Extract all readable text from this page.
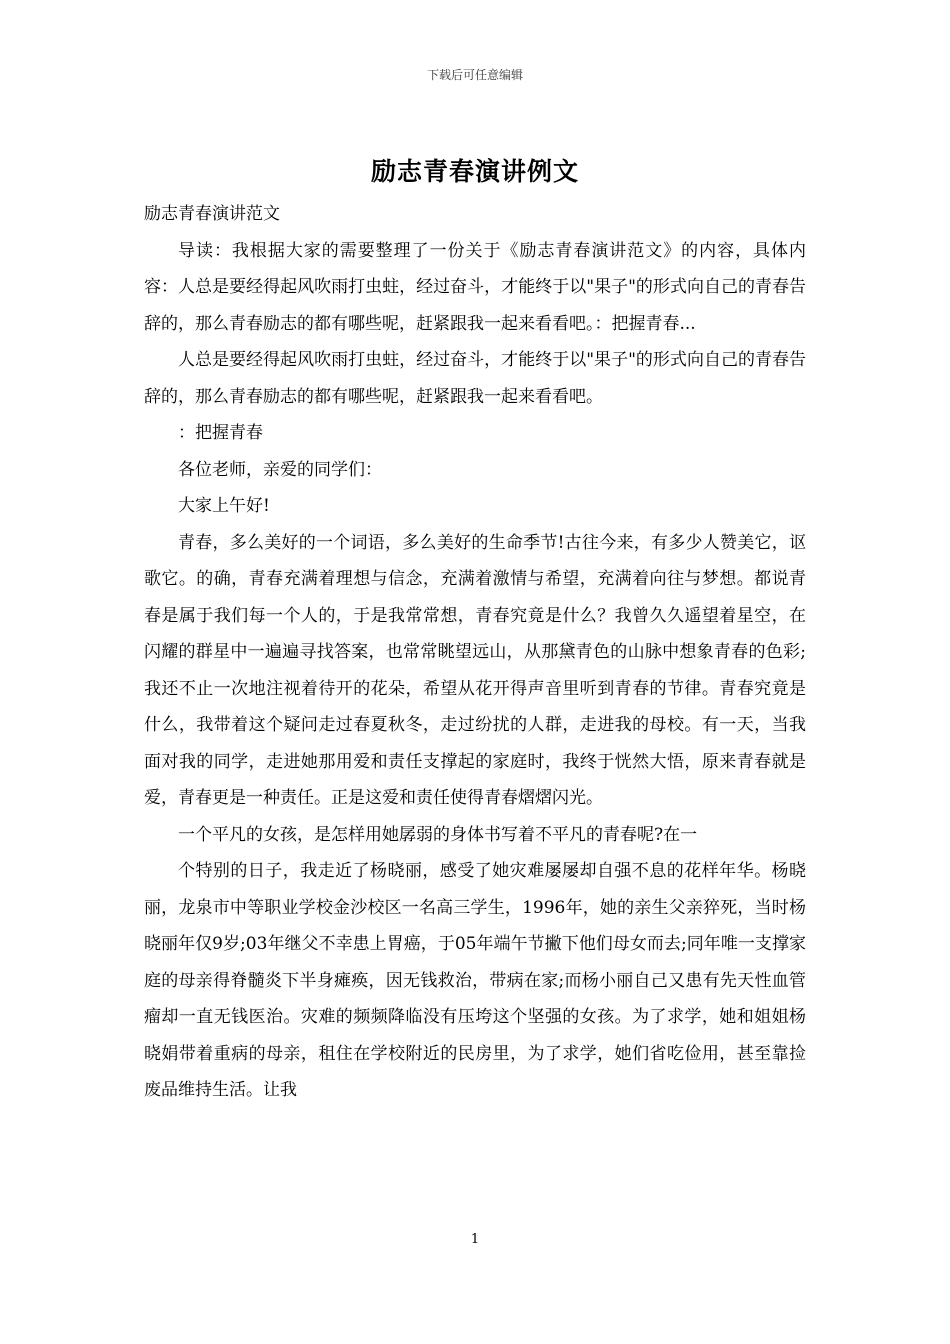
下载后可任意编辑
励志青春演讲例文

励志青春演讲范文

导读：我根据大家的需要整理了一份关于《励志青春演讲范文》的内容，具体内容：人总是要经得起风吹雨打虫蛀，经过奋斗，才能终于以"果子"的形式向自己的青春告辞的，那么青春励志的都有哪些呢，赶紧跟我一起来看看吧。：把握青春...

人总是要经得起风吹雨打虫蛀，经过奋斗，才能终于以"果子"的形式向自己的青春告辞的，那么青春励志的都有哪些呢，赶紧跟我一起来看看吧。

：把握青春

各位老师，亲爱的同学们：

大家上午好!

青春，多么美好的一个词语，多么美好的生命季节!古往今来，有多少人赞美它，讴歌它。的确，青春充满着理想与信念，充满着激情与希望，充满着向往与梦想。都说青春是属于我们每一个人的，于是我常常想，青春究竟是什么？我曾久久遥望着星空，在闪耀的群星中一遍遍寻找答案，也常常眺望远山，从那黛青色的山脉中想象青春的色彩;我还不止一次地注视着待开的花朵，希望从花开得声音里听到青春的节律。青春究竟是什么，我带着这个疑问走过春夏秋冬，走过纷扰的人群，走进我的母校。有一天，当我面对我的同学，走进她那用爱和责任支撑起的家庭时，我终于恍然大悟，原来青春就是爱，青春更是一种责任。正是这爱和责任使得青春熠熠闪光。

一个平凡的女孩，是怎样用她孱弱的身体书写着不平凡的青春呢?在一

个特别的日子，我走近了杨晓丽，感受了她灾难屡屡却自强不息的花样年华。杨晓丽，龙泉市中等职业学校金沙校区一名高三学生，1996年，她的亲生父亲猝死，当时杨晓丽年仅9岁;03年继父不幸患上胃癌，于05年端午节撇下他们母女而去;同年唯一支撑家庭的母亲得脊髓炎下半身瘫痪，因无钱救治，带病在家;而杨小丽自己又患有先天性血管瘤却一直无钱医治。灾难的频频降临没有压垮这个坚强的女孩。为了求学，她和姐姐杨晓娟带着重病的母亲，租住在学校附近的民房里，为了求学，她们省吃俭用，甚至靠捡废品维持生活。让我

1
